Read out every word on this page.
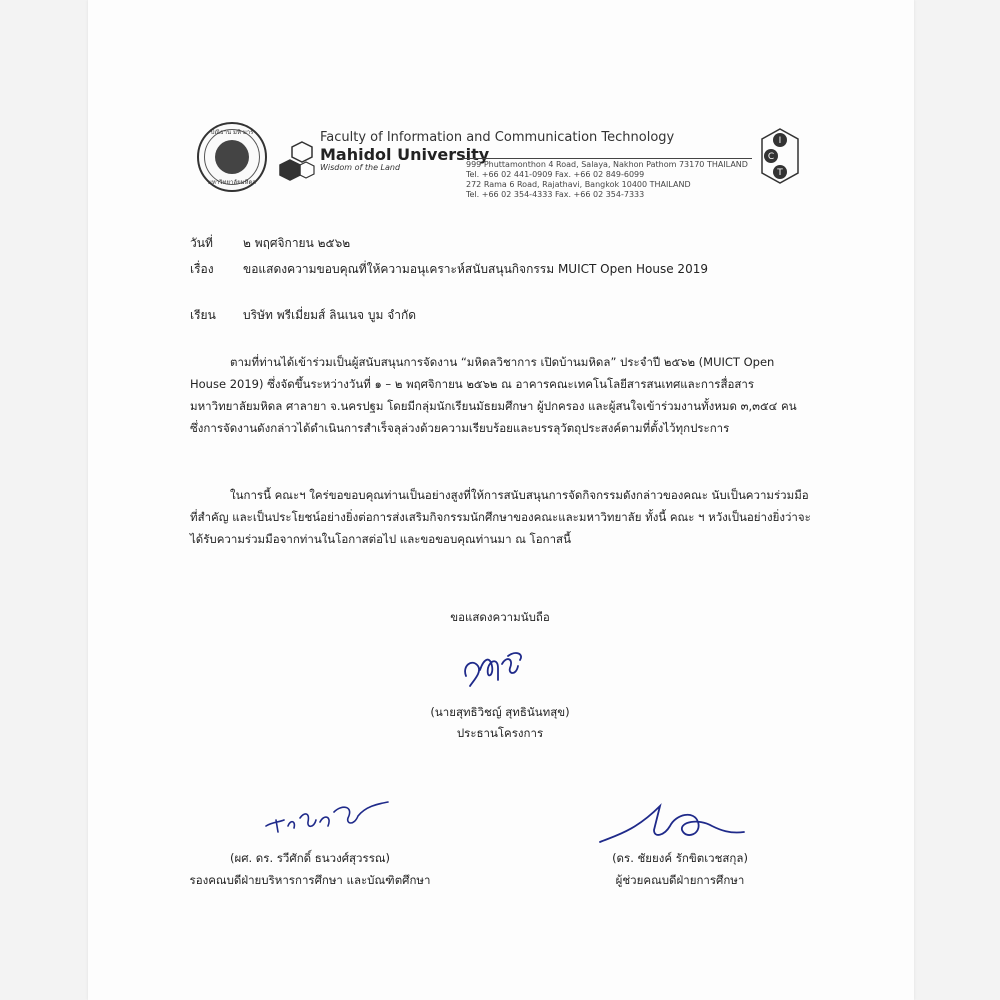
ปณิธาน มหิ มาร
มหาวิทยาลัยมหิดล
Faculty of Information and Communication Technology
Mahidol University
Wisdom of the Land	999 Phuttamonthon 4 Road, Salaya, Nakhon Pathom 73170 THAILAND
Tel. +66 02 441-0909 Fax. +66 02 849-6099
272 Rama 6 Road, Rajathavi, Bangkok 10400 THAILAND
Tel. +66 02 354-4333 Fax. +66 02 354-7333
I
C
T
วันที่	๒ พฤศจิกายน ๒๕๖๒
เรื่อง ขอแสดงความขอบคุณที่ให้ความอนุเคราะห์สนับสนุนกิจกรรม MUICT Open House 2019
เรียน บริษัท พรีเมี่ยมส์ ลินเนจ บูม จำกัด
ตามที่ท่านได้เข้าร่วมเป็นผู้สนับสนุนการจัดงาน “มหิดลวิชาการ เปิดบ้านมหิดล” ประจำปี ๒๕๖๒ (MUICT Open
House 2019) ซึ่งจัดขึ้นระหว่างวันที่ ๑ – ๒ พฤศจิกายน ๒๕๖๒ ณ อาคารคณะเทคโนโลยีสารสนเทศและการสื่อสาร
มหาวิทยาลัยมหิดล ศาลายา จ.นครปฐม โดยมีกลุ่มนักเรียนมัธยมศึกษา ผู้ปกครอง และผู้สนใจเข้าร่วมงานทั้งหมด ๓,๓๕๔ คน
ซึ่งการจัดงานดังกล่าวได้ดำเนินการสำเร็จลุล่วงด้วยความเรียบร้อยและบรรลุวัตถุประสงค์ตามที่ตั้งไว้ทุกประการ
ในการนี้ คณะฯ ใคร่ขอขอบคุณท่านเป็นอย่างสูงที่ให้การสนับสนุนการจัดกิจกรรมดังกล่าวของคณะ นับเป็นความร่วมมือ
ที่สำคัญ และเป็นประโยชน์อย่างยิ่งต่อการส่งเสริมกิจกรรมนักศึกษาของคณะและมหาวิทยาลัย ทั้งนี้ คณะ ฯ หวังเป็นอย่างยิ่งว่าจะ
ได้รับความร่วมมือจากท่านในโอกาสต่อไป และขอขอบคุณท่านมา ณ โอกาสนี้
ขอแสดงความนับถือ
(นายสุทธิวิชญ์ สุทธินันทสุข)
ประธานโครงการ
(ผศ. ดร. รวีศักดิ์ ธนวงศ์สุวรรณ)
รองคณบดีฝ่ายบริหารการศึกษา และบัณฑิตศึกษา
(ดร. ชัยยงค์ รักขิตเวชสกุล)
ผู้ช่วยคณบดีฝ่ายการศึกษา
